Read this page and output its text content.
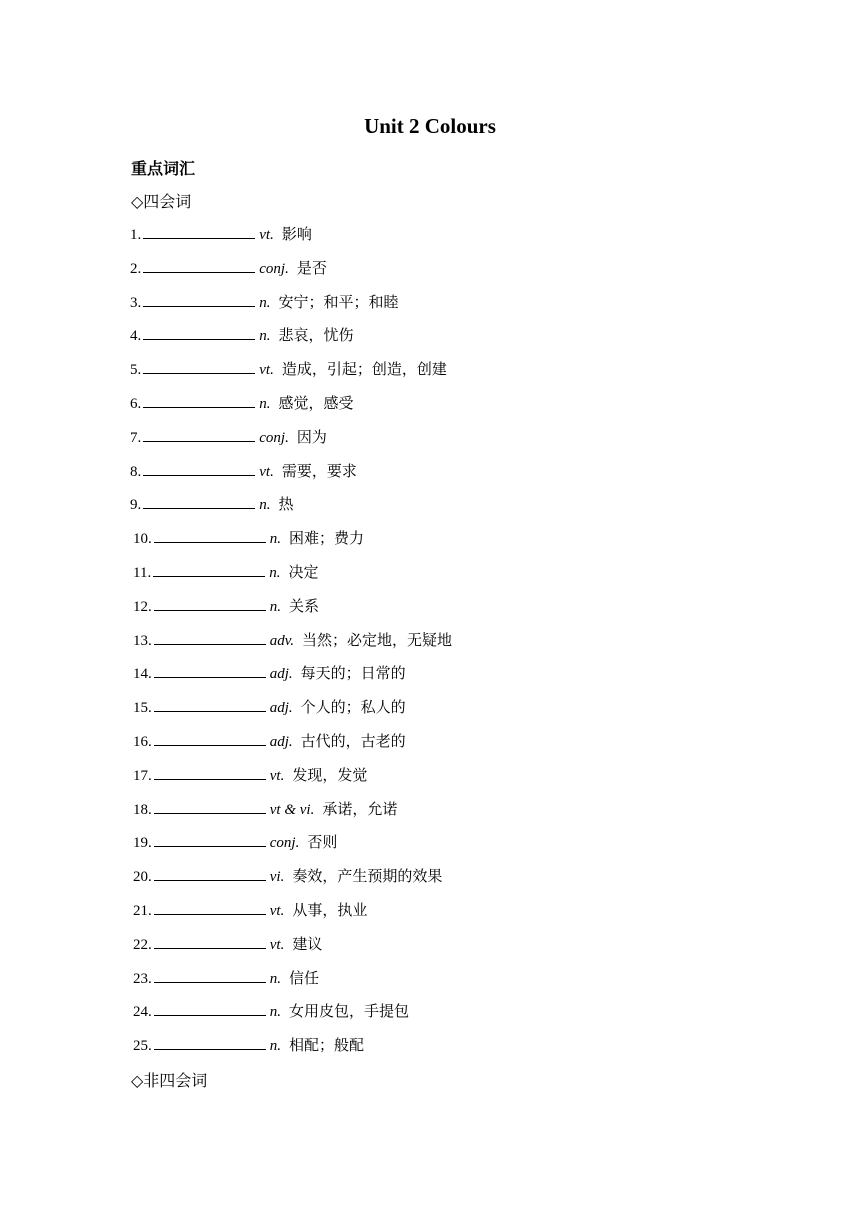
Unit 2 Colours
重点词汇
◇四会词
1.	vt. 影响
2.	conj. 是否
3.	n. 安宁；和平；和睦
4.	n. 悲哀，忧伤
5.	vt. 造成，引起；创造，创建
6.	n. 感觉，感受
7.	conj. 因为
8.	vt. 需要，要求
9.	n. 热
10.	n. 困难；费力
11.	n. 决定
12.	n. 关系
13.	adv. 当然；必定地，无疑地
14.	adj. 每天的；日常的
15.	adj. 个人的；私人的
16.	adj. 古代的，古老的
17.	vt. 发现，发觉
18.	vt & vi. 承诺，允诺
19.	conj. 否则
20.	vi. 奏效，产生预期的效果
21.	vt. 从事，执业
22.	vt. 建议
23.	n. 信任
24.	n. 女用皮包，手提包
25.	n. 相配；般配
◇非四会词
